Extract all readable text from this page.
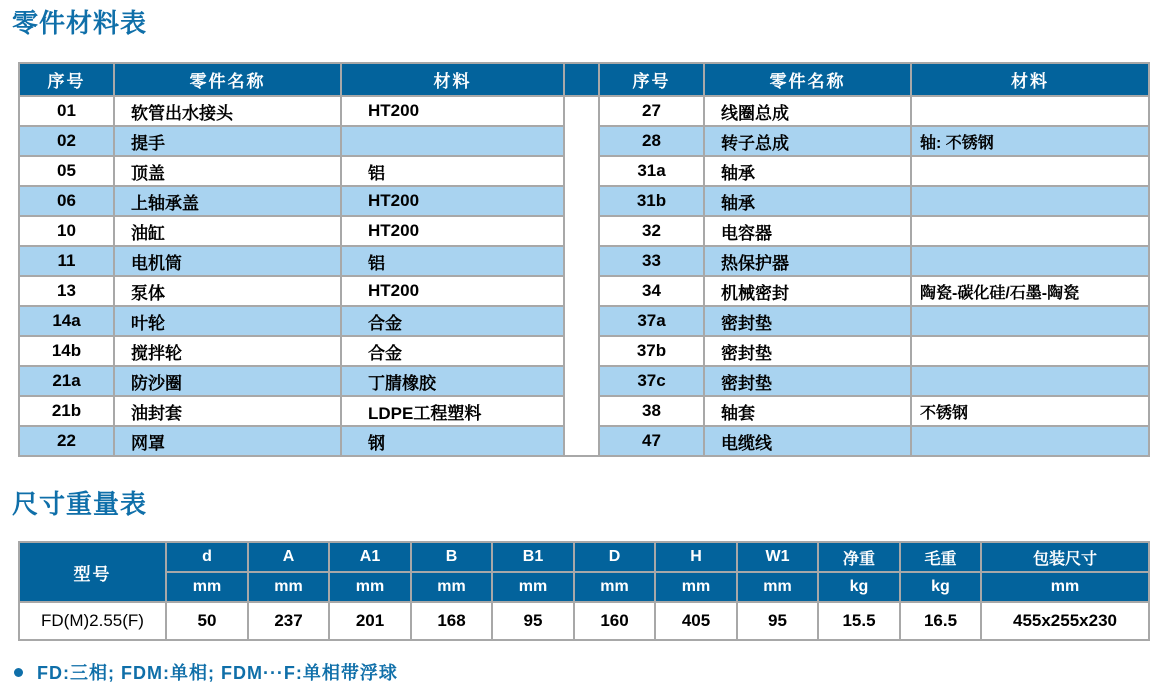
零件材料表
序号	零件名称	材料		序号	零件名称	材料
01	软管出水接头	HT200		27	线圈总成	
02	提手			28	转子总成	轴: 不锈钢
05	顶盖	铝		31a	轴承	
06	上轴承盖	HT200		31b	轴承	
10	油缸	HT200		32	电容器	
11	电机筒	铝		33	热保护器	
13	泵体	HT200		34	机械密封	陶瓷-碳化硅/石墨-陶瓷
14a	叶轮	合金		37a	密封垫	
14b	搅拌轮	合金		37b	密封垫	
21a	防沙圈	丁腈橡胶		37c	密封垫	
21b	油封套	LDPE工程塑料		38	轴套	不锈钢
22	网罩	钢		47	电缆线	
尺寸重量表
型号	d	A	A1	B	B1	D	H	W1	净重	毛重	包装尺寸
	mm	mm	mm	mm	mm	mm	mm	mm	kg	kg	mm
FD(M)2.55(F)	50	237	201	168	95	160	405	95	15.5	16.5	455x255x230
FD:三相; FDM:单相; FDM···F:单相带浮球
